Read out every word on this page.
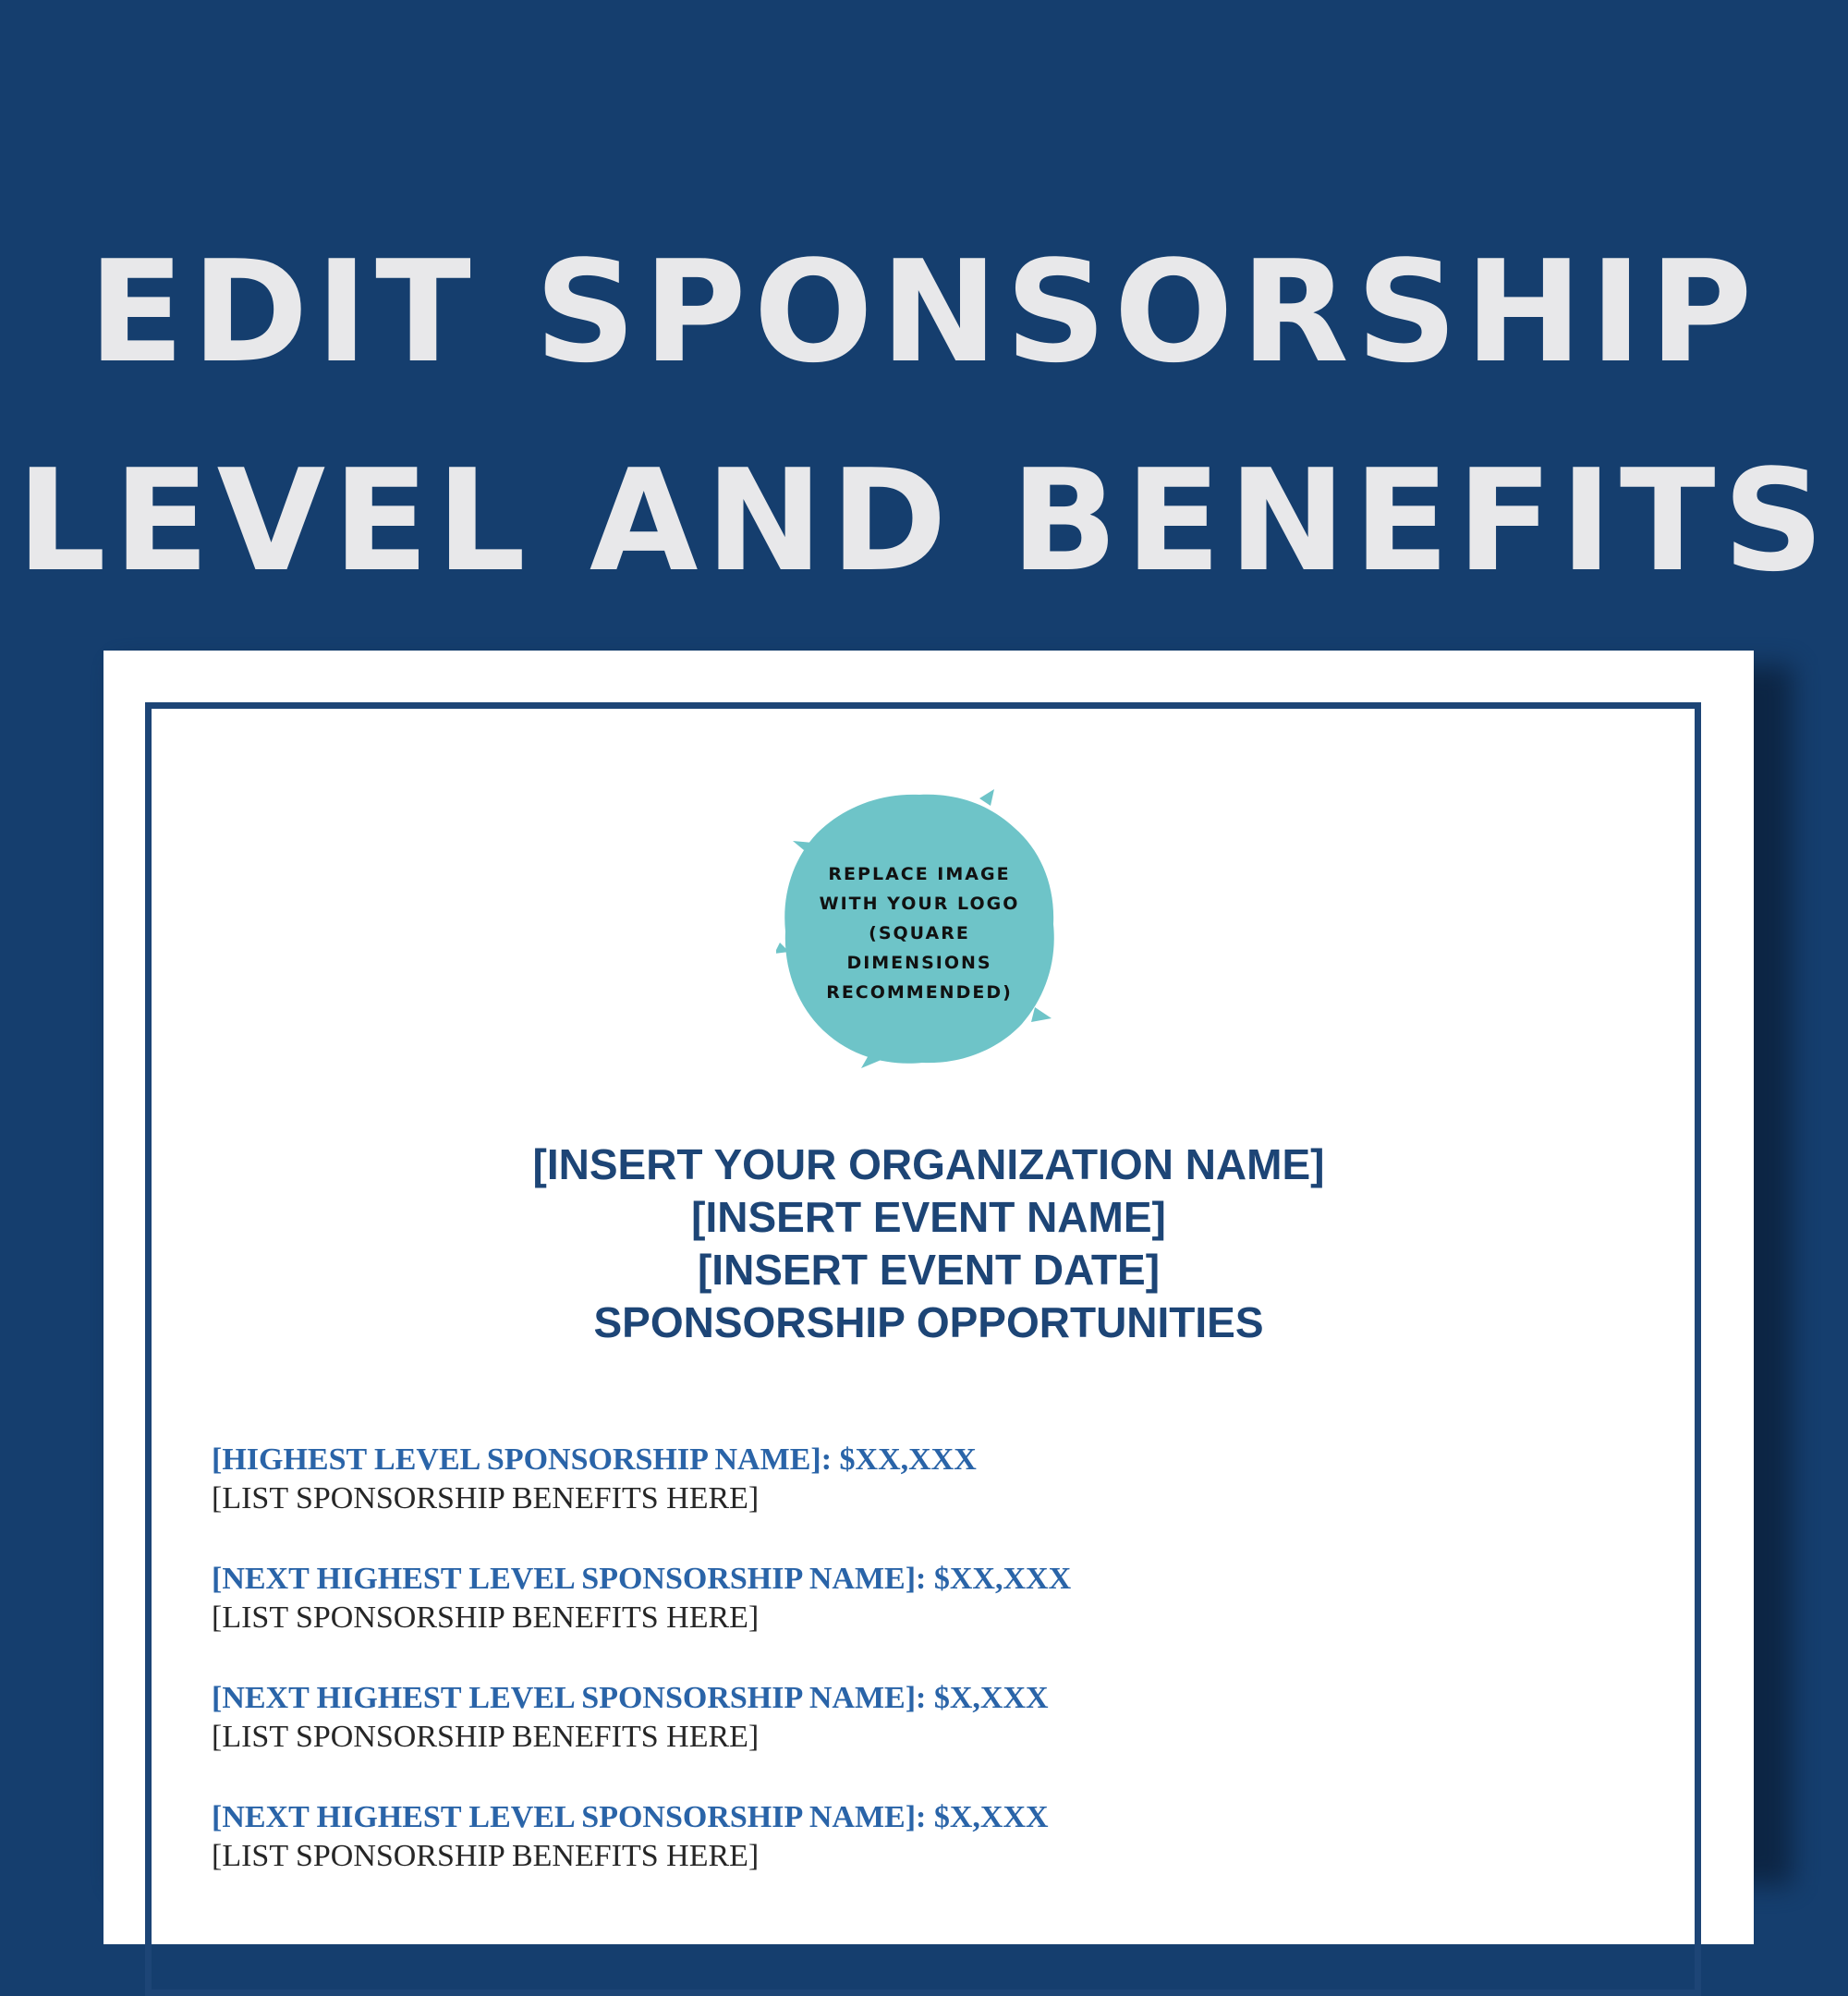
EDIT SPONSORSHIP
LEVEL AND BENEFITS
REPLACE IMAGE
WITH YOUR LOGO
(SQUARE
DIMENSIONS
RECOMMENDED)
[INSERT YOUR ORGANIZATION NAME]
[INSERT EVENT NAME]
[INSERT EVENT DATE]
SPONSORSHIP OPPORTUNITIES
[HIGHEST LEVEL SPONSORSHIP NAME]: $XX,XXX
[LIST SPONSORSHIP BENEFITS HERE]
[NEXT HIGHEST LEVEL SPONSORSHIP NAME]: $XX,XXX
[LIST SPONSORSHIP BENEFITS HERE]
[NEXT HIGHEST LEVEL SPONSORSHIP NAME]: $X,XXX
[LIST SPONSORSHIP BENEFITS HERE]
[NEXT HIGHEST LEVEL SPONSORSHIP NAME]: $X,XXX
[LIST SPONSORSHIP BENEFITS HERE]
